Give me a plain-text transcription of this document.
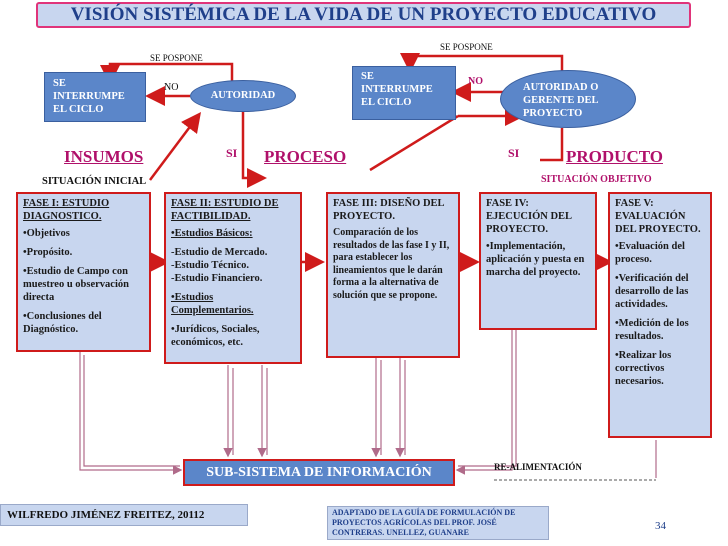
VISIÓN SISTÉMICA DE LA VIDA DE UN PROYECTO EDUCATIVO
SE POSPONE
SE POSPONE
SE INTERRUMPE EL CICLO
NO
AUTORIDAD
SE INTERRUMPE EL CICLO
NO
AUTORIDAD O GERENTE DEL PROYECTO
INSUMOS	SI PROCESO	SI	PRODUCTO
SITUACIÓN INICIAL	SITUACIÓN OBJETIVO

FASE I: ESTUDIO DIAGNOSTICO.

•Objetivos

•Propósito.

•Estudio de Campo con muestreo u observación directa

•Conclusiones del Diagnóstico.

FASE II: ESTUDIO DE FACTIBILIDAD.

•Estudios Básicos:

-Estudio de Mercado.
-Estudio Técnico.

-Estudio Financiero.

•Estudios Complementarios.

•Jurídicos, Sociales, económicos, etc.

FASE III: DISEÑO DEL PROYECTO.

Comparación de los resultados de las fase I y II, para establecer los lineamientos que le darán forma a la alternativa de solución que se propone.

FASE IV: EJECUCIÓN DEL PROYECTO.

•Implementación, aplicación y puesta en marcha del proyecto.

FASE V: EVALUACIÓN DEL PROYECTO.

•Evaluación del proceso.

•Verificación del desarrollo de las actividades.

•Medición de los resultados.

•Realizar los correctivos necesarios.

RE-ALIMENTACIÓN
SUB-SISTEMA DE INFORMACIÓN
WILFREDO JIMÉNEZ FREITEZ, 20112	ADAPTADO DE LA GUÍA DE FORMULACIÓN DE PROYECTOS AGRÍCOLAS DEL PROF. JOSÉ CONTRERAS. UNELLEZ, GUANARE
34
